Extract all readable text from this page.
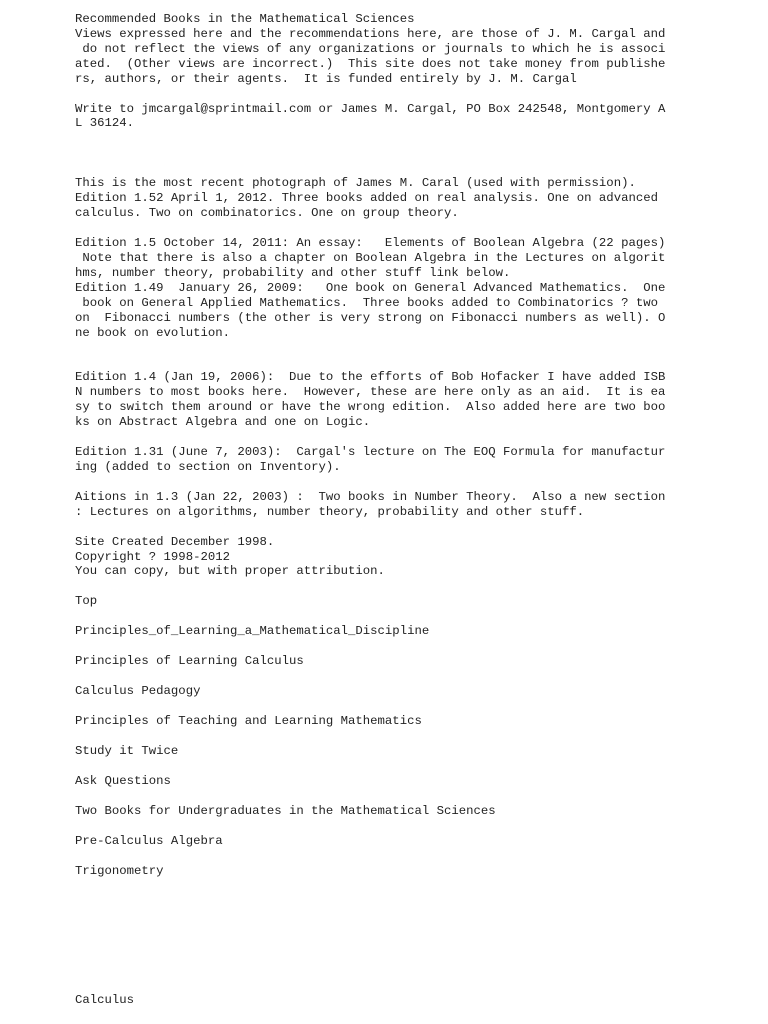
Recommended Books in the Mathematical Sciences

Views expressed here and the recommendations here, are those of J. M. Cargal and
do not reflect the views of any organizations or journals to which he is associ
ated.  (Other views are incorrect.)  This site does not take money from publishe
rs, authors, or their agents.  It is funded entirely by J. M. Cargal
Write to jmcargal@sprintmail.com or James M. Cargal, PO Box 242548, Montgomery A
L 36124.
This is the most recent photograph of James M. Caral (used with permission).
Edition 1.52 April 1, 2012. Three books added on real analysis. One on advanced
calculus. Two on combinatorics. One on group theory.
Edition 1.5 October 14, 2011: An essay:   Elements of Boolean Algebra (22 pages)
Note that there is also a chapter on Boolean Algebra in the Lectures on algorit
hms, number theory, probability and other stuff link below.
Edition 1.49  January 26, 2009:   One book on General Advanced Mathematics.  One
book on General Applied Mathematics.  Three books added to Combinatorics ? two
on  Fibonacci numbers (the other is very strong on Fibonacci numbers as well). O
ne book on evolution.
Edition 1.4 (Jan 19, 2006):  Due to the efforts of Bob Hofacker I have added ISB
N numbers to most books here.  However, these are here only as an aid.  It is ea
sy to switch them around or have the wrong edition.  Also added here are two boo
ks on Abstract Algebra and one on Logic.
Edition 1.31 (June 7, 2003):  Cargal's lecture on The EOQ Formula for manufactur
ing (added to section on Inventory).
Aitions in 1.3 (Jan 22, 2003) :  Two books in Number Theory.  Also a new section
: Lectures on algorithms, number theory, probability and other stuff.
Site Created December 1998.
Copyright ? 1998-2012
You can copy, but with proper attribution.
Top
Principles_of_Learning_a_Mathematical_Discipline
Principles of Learning Calculus
Calculus Pedagogy
Principles of Teaching and Learning Mathematics
Study it Twice
Ask Questions
Two Books for Undergraduates in the Mathematical Sciences
Pre-Calculus Algebra
Trigonometry
Calculus
